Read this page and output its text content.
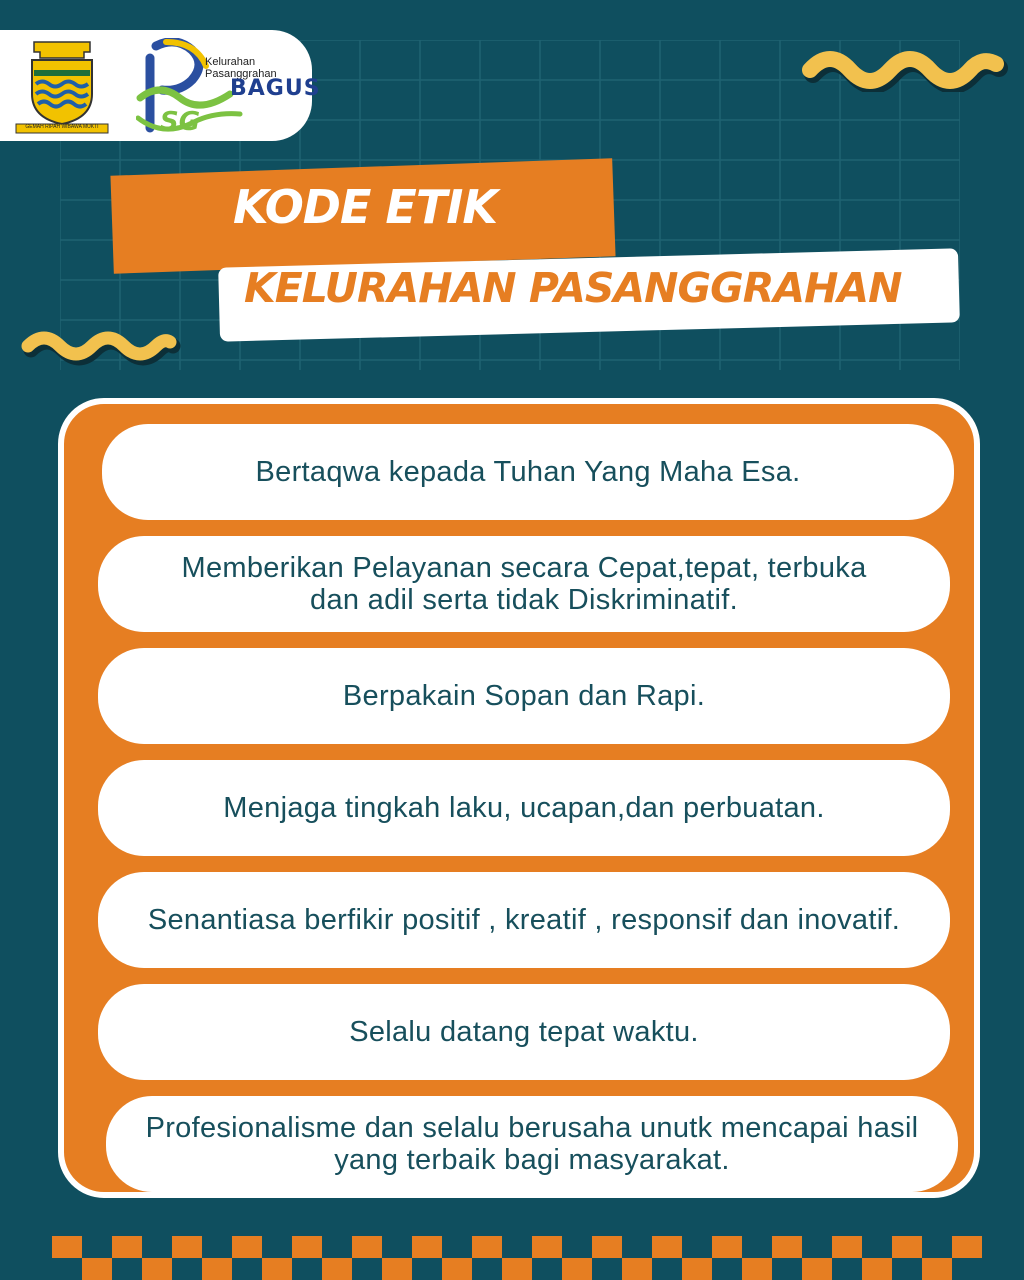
GEMAH RIPAH WIBAWA MUKTI SG
Kelurahan
Pasanggrahan
BAGUS
KODE ETIK
KELURAHAN PASANGGRAHAN
Bertaqwa kepada Tuhan Yang Maha Esa.
Memberikan Pelayanan secara Cepat,tepat, terbuka dan adil serta tidak Diskriminatif.
Berpakain Sopan dan Rapi.
Menjaga tingkah laku, ucapan,dan perbuatan.
Senantiasa berfikir positif , kreatif , responsif dan inovatif.
Selalu datang tepat waktu.
Profesionalisme dan selalu berusaha unutk mencapai hasil yang terbaik bagi masyarakat.
